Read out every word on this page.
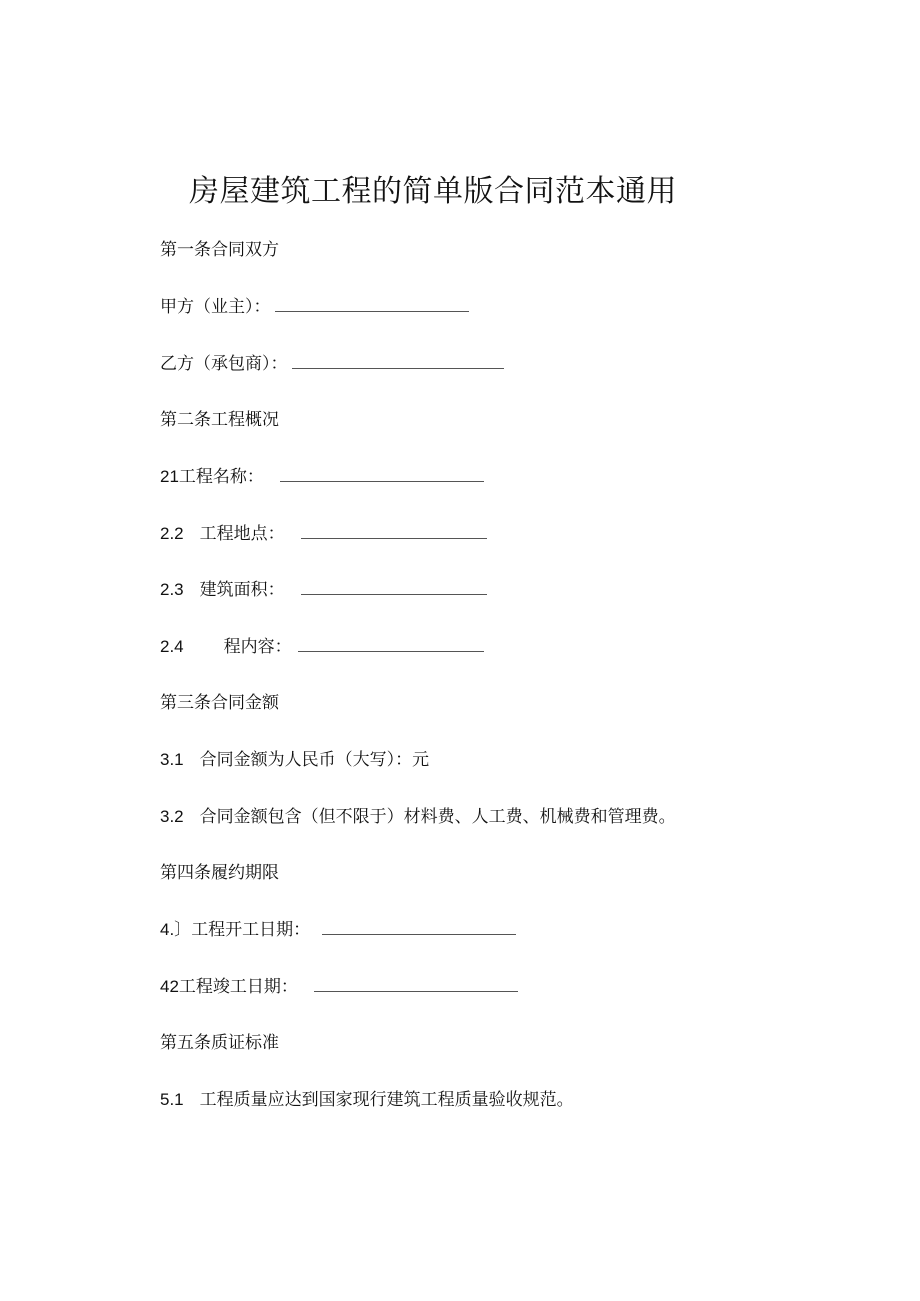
房屋建筑工程的简单版合同范本通用
第一条合同双方
甲方（业主）：
乙方（承包商）：
第二条工程概况
21工程名称：
2.2 工程地点：
2.3 建筑面积：
2.4 程内容：
第三条合同金额
3.1 合同金额为人民币（大写）：元
3.2 合同金额包含（但不限于）材料费、人工费、机械费和管理费。
第四条履约期限
4.〕工程开工日期：
42工程竣工日期：
第五条质证标准
5.1 工程质量应达到国家现行建筑工程质量验收规范。
